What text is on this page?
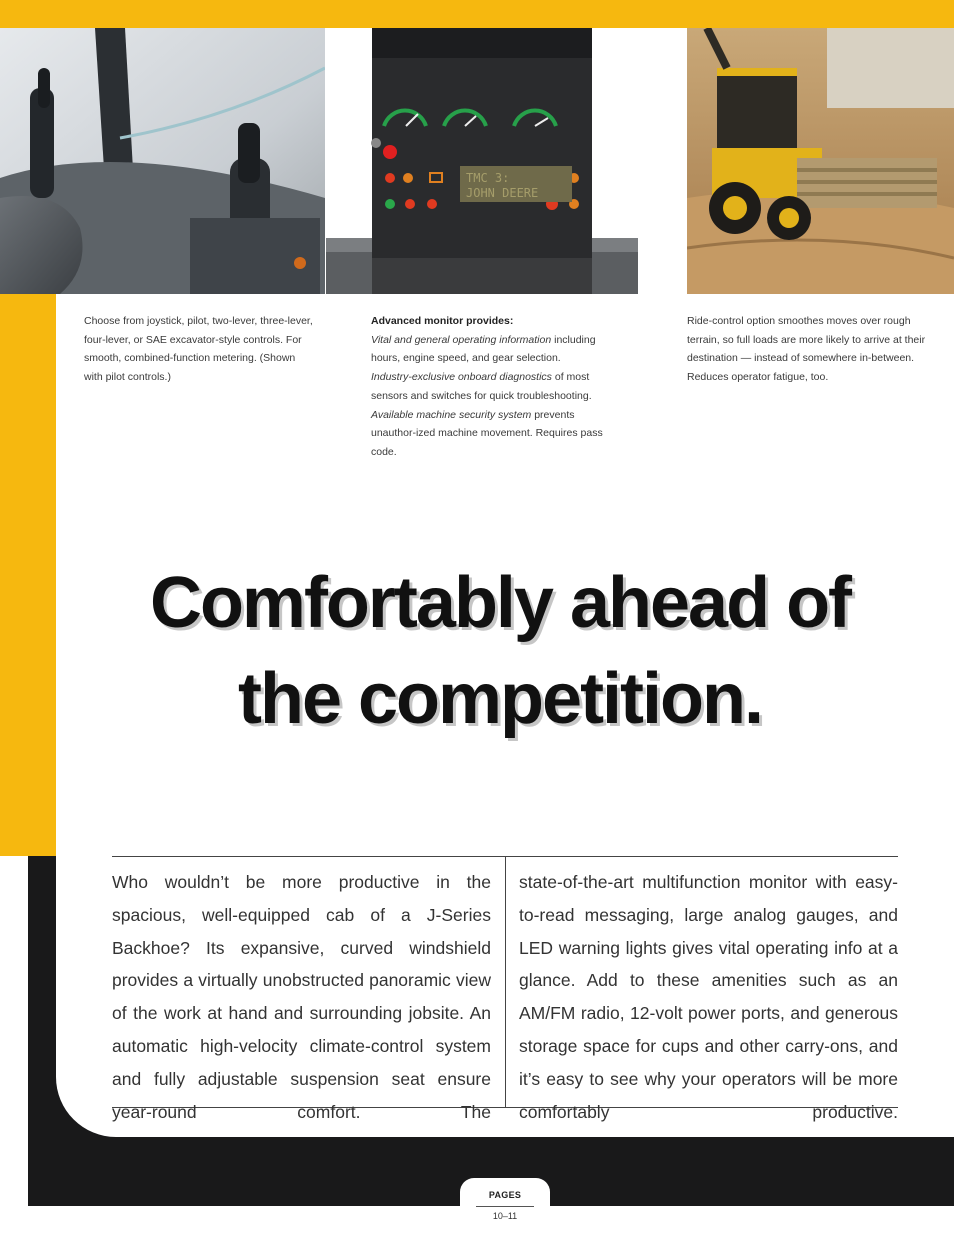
TMC 3:
JOHN DEERE
Choose from joystick, pilot, two-lever, three-lever, four-lever, or SAE excavator-style controls. For smooth, combined-function metering. (Shown with pilot controls.)
Advanced monitor provides:
Vital and general operating information including hours, engine speed, and gear selection.
Industry-exclusive onboard diagnostics of most sensors and switches for quick troubleshooting.
Available machine security system prevents unauthor-ized machine movement. Requires pass code.
Ride-control option smoothes moves over rough terrain, so full loads are more likely to arrive at their destination — instead of somewhere in-between. Reduces operator fatigue, too.
Comfortably ahead of
the competition.
Who wouldn’t be more productive in the spacious, well-equipped cab of a J-Series Backhoe? Its expansive, curved windshield provides a virtually unobstructed panoramic view of the work at hand and surrounding jobsite. An automatic high-velocity climate-control system and fully adjustable suspension seat ensure year-round comfort. The
state-of-the-art multifunction monitor with easy-to-read messaging, large analog gauges, and LED warning lights gives vital operating info at a glance. Add to these amenities such as an AM/FM radio, 12-volt power ports, and generous storage space for cups and other carry-ons, and it’s easy to see why your operators will be more comfortably productive.
PAGES
10–11
